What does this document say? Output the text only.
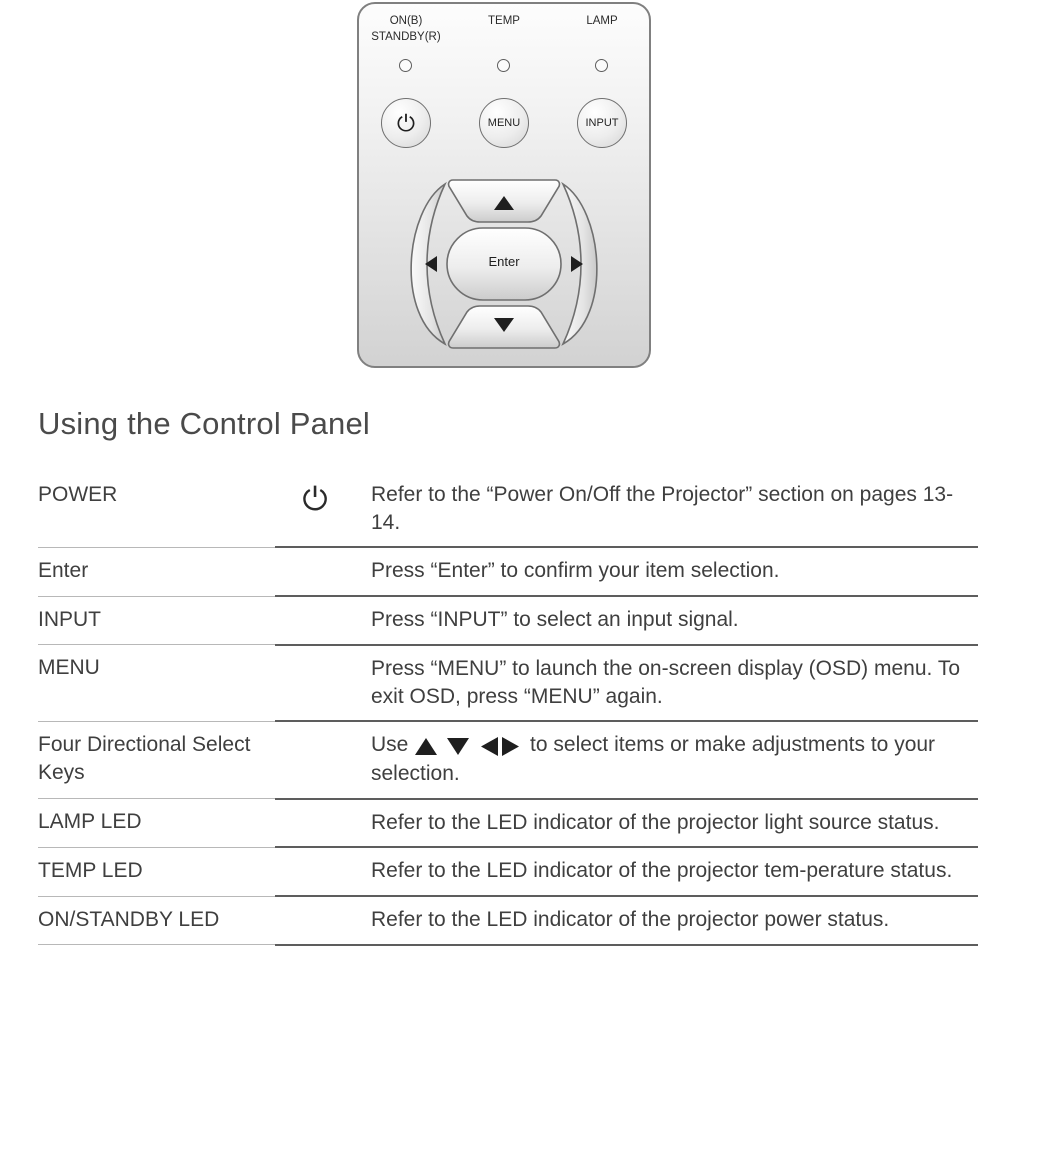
ON(B)
STANDBY(R)
TEMP	LAMP
⏻	MENU	INPUT
Enter
Using the Control Panel
POWER	⏻	Refer to the “Power On/Off the Projector” section on pages 13-14.
Enter		Press “Enter” to confirm your item selection.
INPUT		Press “INPUT” to select an input signal.
MENU		Press “MENU” to launch the on-screen display (OSD) menu. To exit OSD, press “MENU” again.
Four Directional Select Keys		Use to select items or make adjustments to your selection.
LAMP LED		Refer to the LED indicator of the projector light source status.
TEMP LED		Refer to the LED indicator of the projector tem-perature status.
ON/STANDBY LED		Refer to the LED indicator of the projector power status.
